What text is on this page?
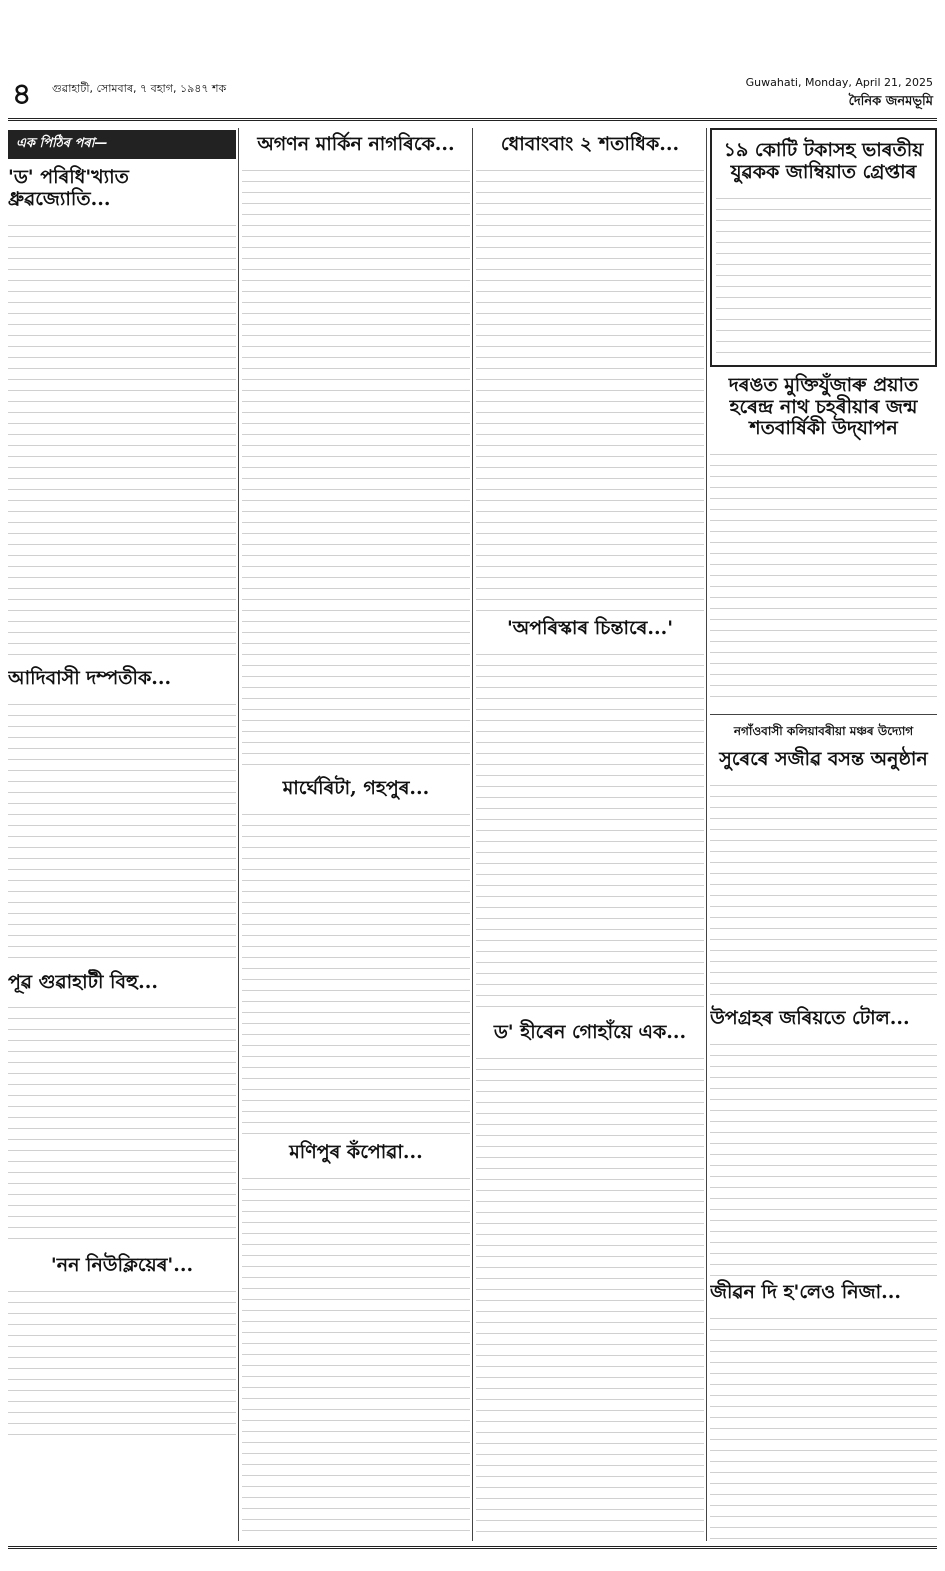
৪ গুৱাহাটী, সোমবাৰ, ৭ বহাগ, ১৯৪৭ শক	Guwahati, Monday, April 21, 2025
দৈনিক জনমভূমি
এক পিঠিৰ পৰা—
'ড' পৰিধি'খ্যাত ধ্রুৱজ্যোতি...
আদিবাসী দম্পতীক...
পূৱ গুৱাহাটী বিহু...
'নন নিউক্লিয়েৰ'...
অগণন মাৰ্কিন নাগৰিকে...
মাৰ্ঘেৰিটা, গহপুৰ...
মণিপুৰ কঁপোৱা...
ধোবাংবাং ২ শতাধিক...
'অপৰিস্কাৰ চিন্তাৰে...'
ড' হীৰেন গোহাঁয়ে এক...
১৯ কোটি টকাসহ ভাৰতীয় যুৱকক জাম্বিয়াত গ্ৰেপ্তাৰ
দৰঙত মুক্তিযুঁজাৰু প্ৰয়াত হৰেন্দ্ৰ নাথ চহৰীয়াৰ জন্ম শতবাৰ্ষিকী উদ্‌যাপন
নগাঁওবাসী কলিয়াবৰীয়া মঞ্চৰ উদ্যোগ
সুৰেৰে সজীৱ বসন্ত অনুষ্ঠান
উপগ্ৰহৰ জৰিয়তে টোল...
জীৱন দি হ'লেও নিজা...
